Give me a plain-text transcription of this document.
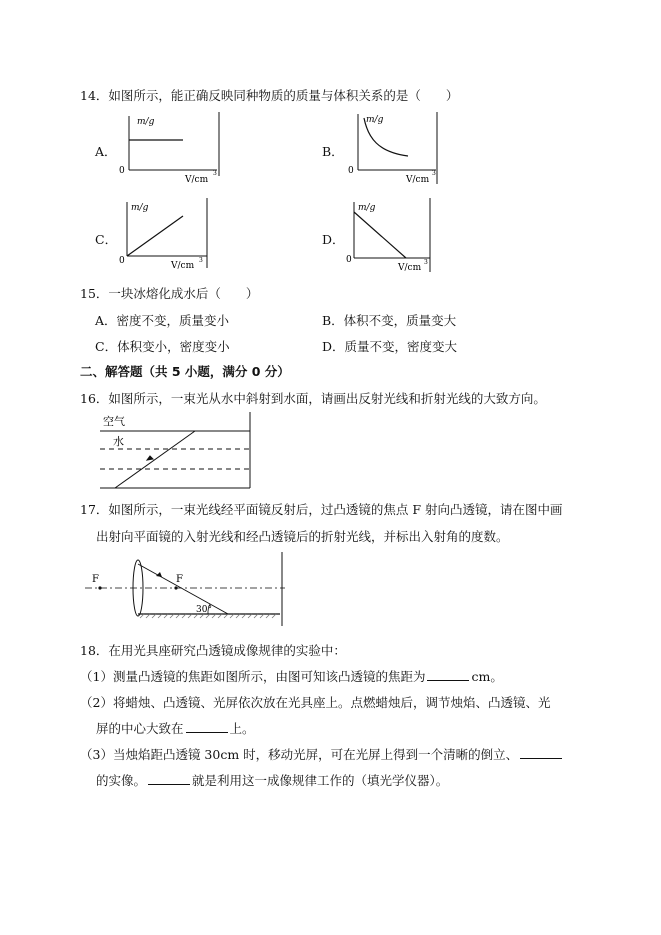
14．如图所示，能正确反映同种物质的质量与体积关系的是（　　）
A．
m/g
0
V/cm
3
B．
m/g
0
V/cm
3
C．
m/g
0	V/cm
3
D．
m/g
0
V/cm
3
15．一块冰熔化成水后（　　）
A．密度不变，质量变小	B．体积不变，质量变大
C．体积变小，密度变小	D．质量不变，密度变大
二、解答题（共 5 小题，满分 0 分）
16．如图所示，一束光从水中斜射到水面，请画出反射光线和折射光线的大致方向。
空气
水
17．如图所示，一束光线经平面镜反射后，过凸透镜的焦点 F 射向凸透镜，请在图中画
出射向平面镜的入射光线和经凸透镜后的折射光线，并标出入射角的度数。
F	F
30°
18．在用光具座研究凸透镜成像规律的实验中：
（1）测量凸透镜的焦距如图所示，由图可知该凸透镜的焦距为	cm。
（2）将蜡烛、凸透镜、光屏依次放在光具座上。点燃蜡烛后，调节烛焰、凸透镜、光
屏的中心大致在	上。
（3）当烛焰距凸透镜 30cm 时，移动光屏，可在光屏上得到一个清晰的倒立、
的实像。	就是利用这一成像规律工作的（填光学仪器）。
